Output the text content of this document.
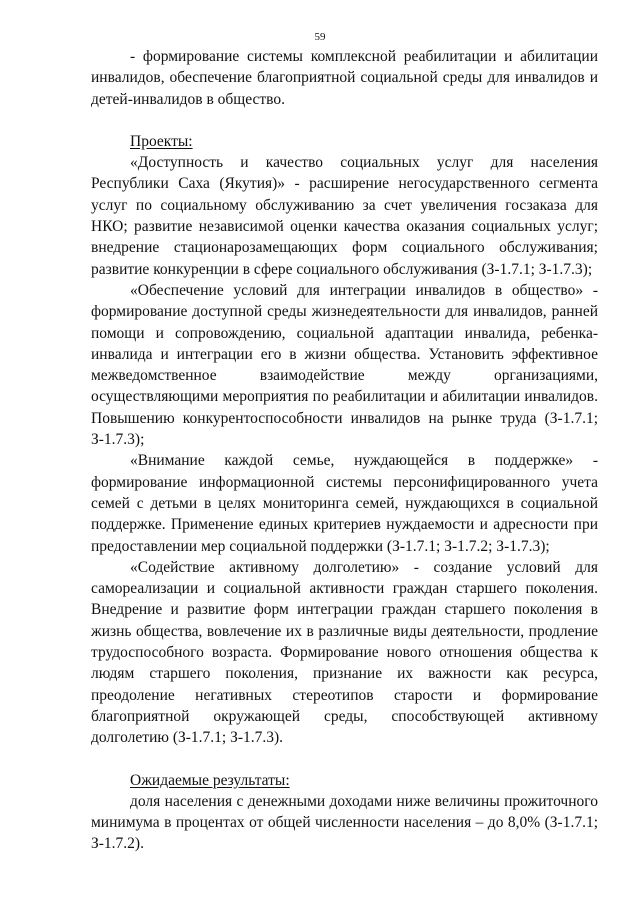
59

- формирование системы комплексной реабилитации и абилитации инвалидов, обеспечение благоприятной социальной среды для инвалидов и детей-инвалидов в общество.

Проекты:

«Доступность и качество социальных услуг для населения Республики Саха (Якутия)» - расширение негосударственного сегмента услуг по социальному обслуживанию за счет увеличения госзаказа для НКО; развитие независимой оценки качества оказания социальных услуг; внедрение стационарозамещающих форм социального обслуживания; развитие конкуренции в сфере социального обслуживания (З-1.7.1; З-1.7.3);

«Обеспечение условий для интеграции инвалидов в общество» - формирование доступной среды жизнедеятельности для инвалидов, ранней помощи и сопровождению, социальной адаптации инвалида, ребенка-инвалида и интеграции его в жизни общества. Установить эффективное межведомственное взаимодействие между организациями, осуществляющими мероприятия по реабилитации и абилитации инвалидов. Повышению конкурентоспособности инвалидов на рынке труда (З-1.7.1; З-1.7.3);

«Внимание каждой семье, нуждающейся в поддержке» - формирование информационной системы персонифицированного учета семей с детьми в целях мониторинга семей, нуждающихся в социальной поддержке. Применение единых критериев нуждаемости и адресности при предоставлении мер социальной поддержки (З-1.7.1; З-1.7.2; З-1.7.3);

«Содействие активному долголетию» - создание условий для самореализации и социальной активности граждан старшего поколения. Внедрение и развитие форм интеграции граждан старшего поколения в жизнь общества, вовлечение их в различные виды деятельности, продление трудоспособного возраста. Формирование нового отношения общества к людям старшего поколения, признание их важности как ресурса, преодоление негативных стереотипов старости и формирование благоприятной окружающей среды, способствующей активному долголетию (З-1.7.1; З-1.7.3).

Ожидаемые результаты:

доля населения с денежными доходами ниже величины прожиточного минимума в процентах от общей численности населения – до 8,0% (З-1.7.1; З-1.7.2).
